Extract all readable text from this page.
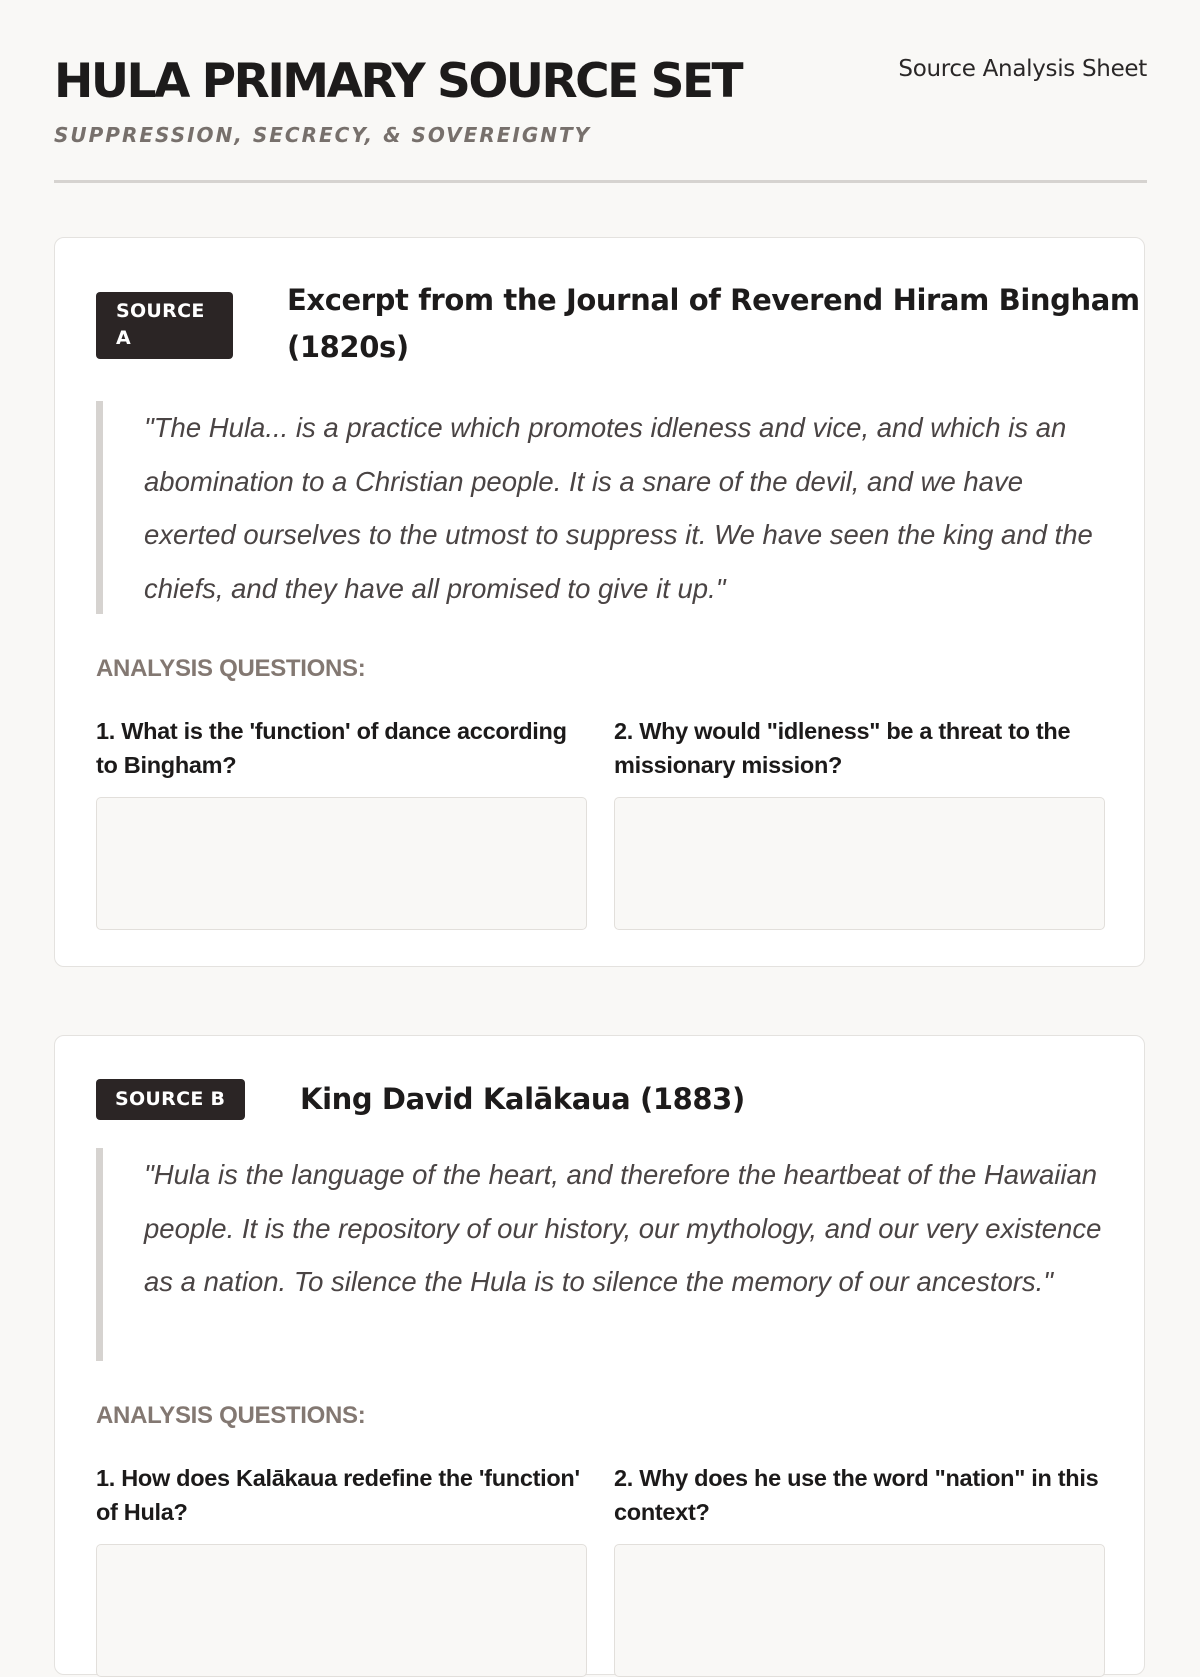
HULA PRIMARY SOURCE SET
SUPPRESSION, SECRECY, & SOVEREIGNTY
Source Analysis Sheet
SOURCE A
Excerpt from the Journal of Reverend Hiram Bingham (1820s)
"The Hula... is a practice which promotes idleness and vice, and which is an abomination to a Christian people. It is a snare of the devil, and we have exerted ourselves to the utmost to suppress it. We have seen the king and the chiefs, and they have all promised to give it up."
ANALYSIS QUESTIONS:
1. What is the 'function' of dance according to Bingham?
2. Why would "idleness" be a threat to the missionary mission?
SOURCE B	King David Kalākaua (1883)
"Hula is the language of the heart, and therefore the heartbeat of the Hawaiian people. It is the repository of our history, our mythology, and our very existence as a nation. To silence the Hula is to silence the memory of our ancestors."
ANALYSIS QUESTIONS:
1. How does Kalākaua redefine the 'function' of Hula?
2. Why does he use the word "nation" in this context?
